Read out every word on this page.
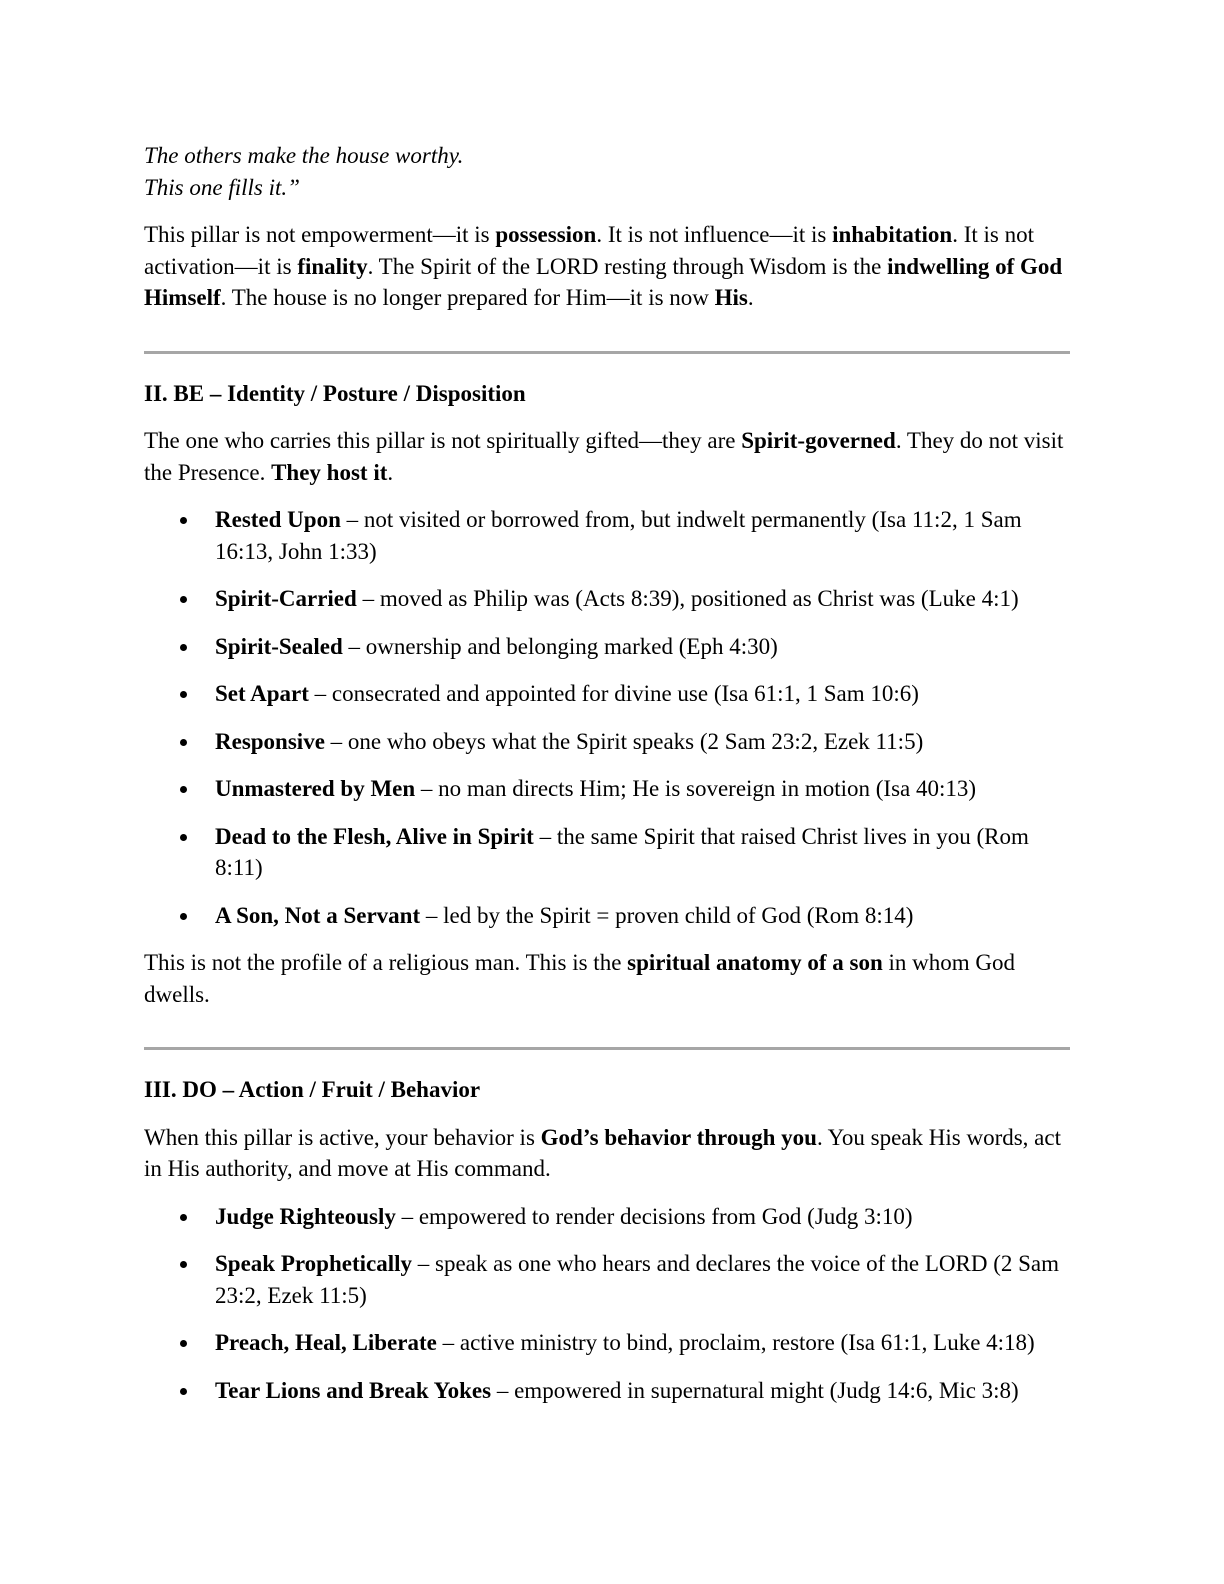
The others make the house worthy.

This one fills it.”

This pillar is not empowerment—it is possession. It is not influence—it is inhabitation. It is not activation—it is finality. The Spirit of the LORD resting through Wisdom is the indwelling of God Himself. The house is no longer prepared for Him—it is now His.

II. BE – Identity / Posture / Disposition

The one who carries this pillar is not spiritually gifted—they are Spirit-governed. They do not visit the Presence. They host it.

Rested Upon – not visited or borrowed from, but indwelt permanently (Isa 11:2, 1 Sam 16:13, John 1:33)
Spirit-Carried – moved as Philip was (Acts 8:39), positioned as Christ was (Luke 4:1)
Spirit-Sealed – ownership and belonging marked (Eph 4:30)
Set Apart – consecrated and appointed for divine use (Isa 61:1, 1 Sam 10:6)
Responsive – one who obeys what the Spirit speaks (2 Sam 23:2, Ezek 11:5)
Unmastered by Men – no man directs Him; He is sovereign in motion (Isa 40:13)
Dead to the Flesh, Alive in Spirit – the same Spirit that raised Christ lives in you (Rom 8:11)
A Son, Not a Servant – led by the Spirit = proven child of God (Rom 8:14)

This is not the profile of a religious man. This is the spiritual anatomy of a son in whom God dwells.

III. DO – Action / Fruit / Behavior

When this pillar is active, your behavior is God’s behavior through you. You speak His words, act in His authority, and move at His command.

Judge Righteously – empowered to render decisions from God (Judg 3:10)
Speak Prophetically – speak as one who hears and declares the voice of the LORD (2 Sam 23:2, Ezek 11:5)
Preach, Heal, Liberate – active ministry to bind, proclaim, restore (Isa 61:1, Luke 4:18)
Tear Lions and Break Yokes – empowered in supernatural might (Judg 14:6, Mic 3:8)
